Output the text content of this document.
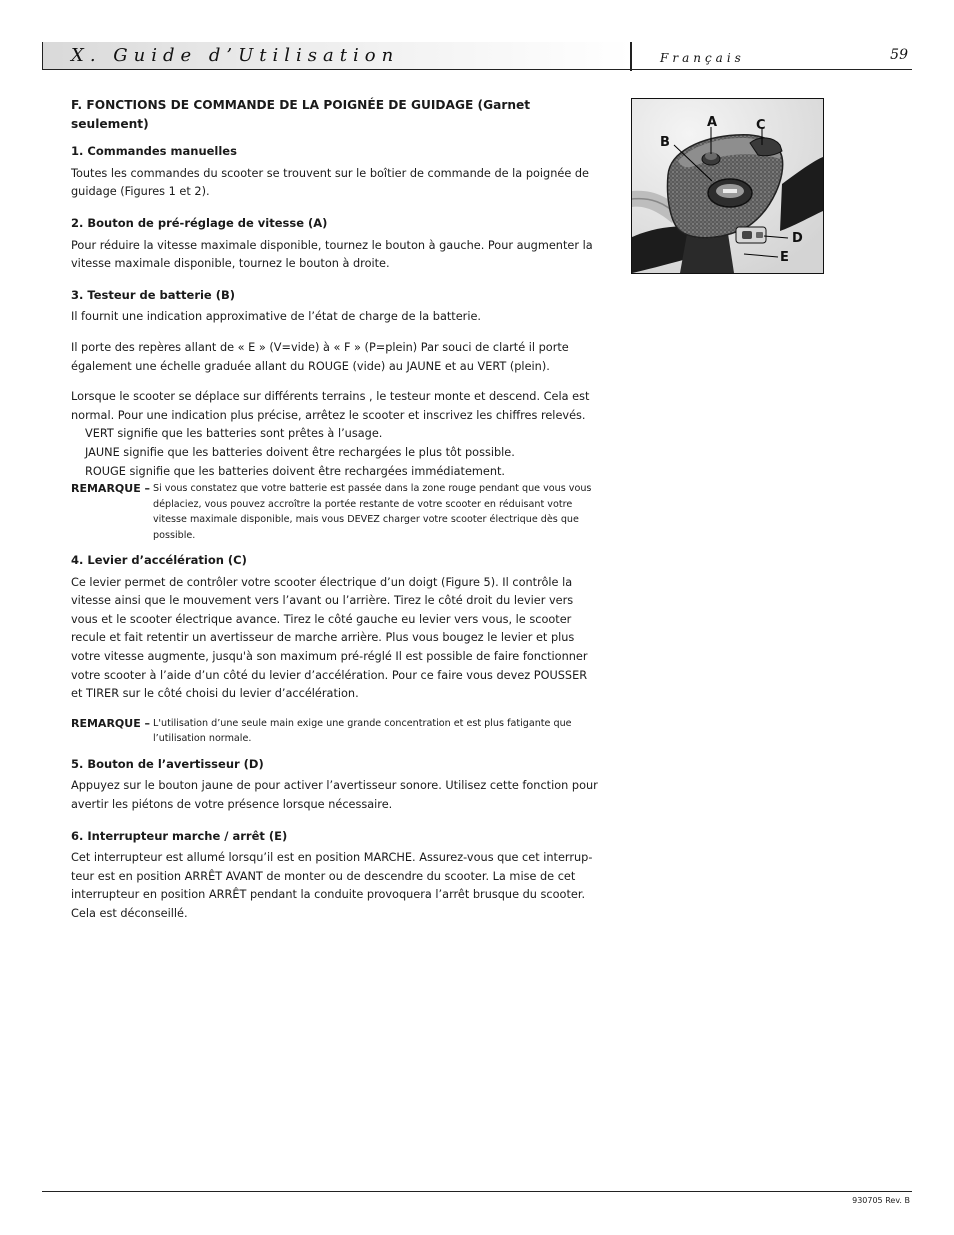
X. Guide d’Utilisation	Français	59
F. FONCTIONS DE COMMANDE DE LA POIGNÉE DE GUIDAGE (Garnet seulement)
1. Commandes manuelles

Toutes les commandes du scooter se trouvent sur le boîtier de commande de la poignée de guidage (Figures 1 et 2).

2. Bouton de pré-réglage de vitesse (A)

Pour réduire la vitesse maximale disponible, tournez le bouton à gauche. Pour augmenter la vitesse maximale disponible, tournez le bouton à droite.

3. Testeur de batterie (B)

Il fournit une indication approximative de l’état de charge de la batterie.

Il porte des repères allant de « E » (V=vide) à « F » (P=plein) Par souci de clarté il porte également une échelle graduée allant du ROUGE (vide) au JAUNE et au VERT (plein).

Lorsque le scooter se déplace sur différents terrains , le testeur monte et descend. Cela est normal. Pour une indication plus précise, arrêtez le scooter et inscrivez les chiffres relevés.

VERT signifie que les batteries sont prêtes à l’usage.

JAUNE signifie que les batteries doivent être rechargées le plus tôt possible.

ROUGE signifie que les batteries doivent être rechargées immédiatement.

REMARQUE – Si vous constatez que votre batterie est passée dans la zone rouge pendant que vous vous déplaciez, vous pouvez accroître la portée restante de votre scooter en réduisant votre vitesse maximale disponible, mais vous DEVEZ charger votre scooter électrique dès que possible.
4. Levier d’accélération (C)

Ce levier permet de contrôler votre scooter électrique d’un doigt (Figure 5). Il contrôle la vitesse ainsi que le mouvement vers l’avant ou l’arrière. Tirez le côté droit du levier vers vous et le scooter électrique avance. Tirez le côté gauche eu levier vers vous, le scooter recule et fait retentir un avertisseur de marche arrière. Plus vous bougez le levier et plus votre vitesse augmente, jusqu'à son maximum pré-réglé Il est possible de faire fonctionner votre scooter à l’aide d’un côté du levier d’accélération. Pour ce faire vous devez POUSSER et TIRER sur le côté choisi du levier d’accélération.

REMARQUE – L'utilisation d’une seule main exige une grande concentration et est plus fatigante que l’utilisation normale.
5. Bouton de l’avertisseur (D)

Appuyez sur le bouton jaune de pour activer l’avertisseur sonore. Utilisez cette fonction pour avertir les piétons de votre présence lorsque nécessaire.

6. Interrupteur marche / arrêt (E)

Cet interrupteur est allumé lorsqu’il est en position MARCHE. Assurez-vous que cet interrup-teur est en position ARRÊT AVANT de monter ou de descendre du scooter. La mise de cet interrupteur en position ARRÊT pendant la conduite provoquera l’arrêt brusque du scooter. Cela est déconseillé.

A
B
C
D
E
930705 Rev. B
